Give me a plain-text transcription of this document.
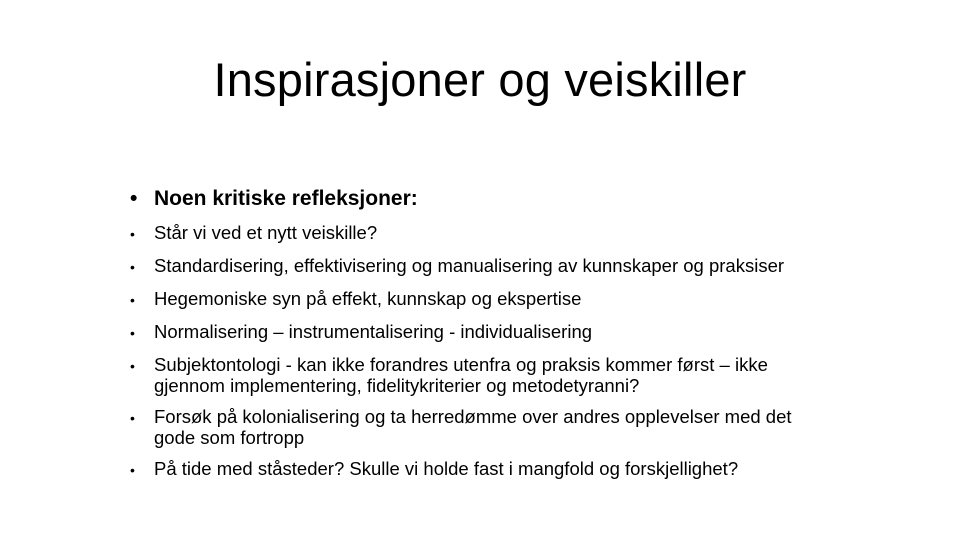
Inspirasjoner og veiskiller
• Noen kritiske refleksjoner:
•	Står vi ved et nytt veiskille?
•	Standardisering, effektivisering og manualisering av kunnskaper og praksiser
•	Hegemoniske syn på effekt, kunnskap og ekspertise
•	Normalisering – instrumentalisering - individualisering
•	Subjektontologi - kan ikke forandres utenfra og praksis kommer først – ikke gjennom implementering, fidelitykriterier og metodetyranni?
•	Forsøk på kolonialisering og ta herredømme over andres opplevelser med det gode som fortropp
•	På tide med ståsteder? Skulle vi holde fast i mangfold og forskjellighet?
